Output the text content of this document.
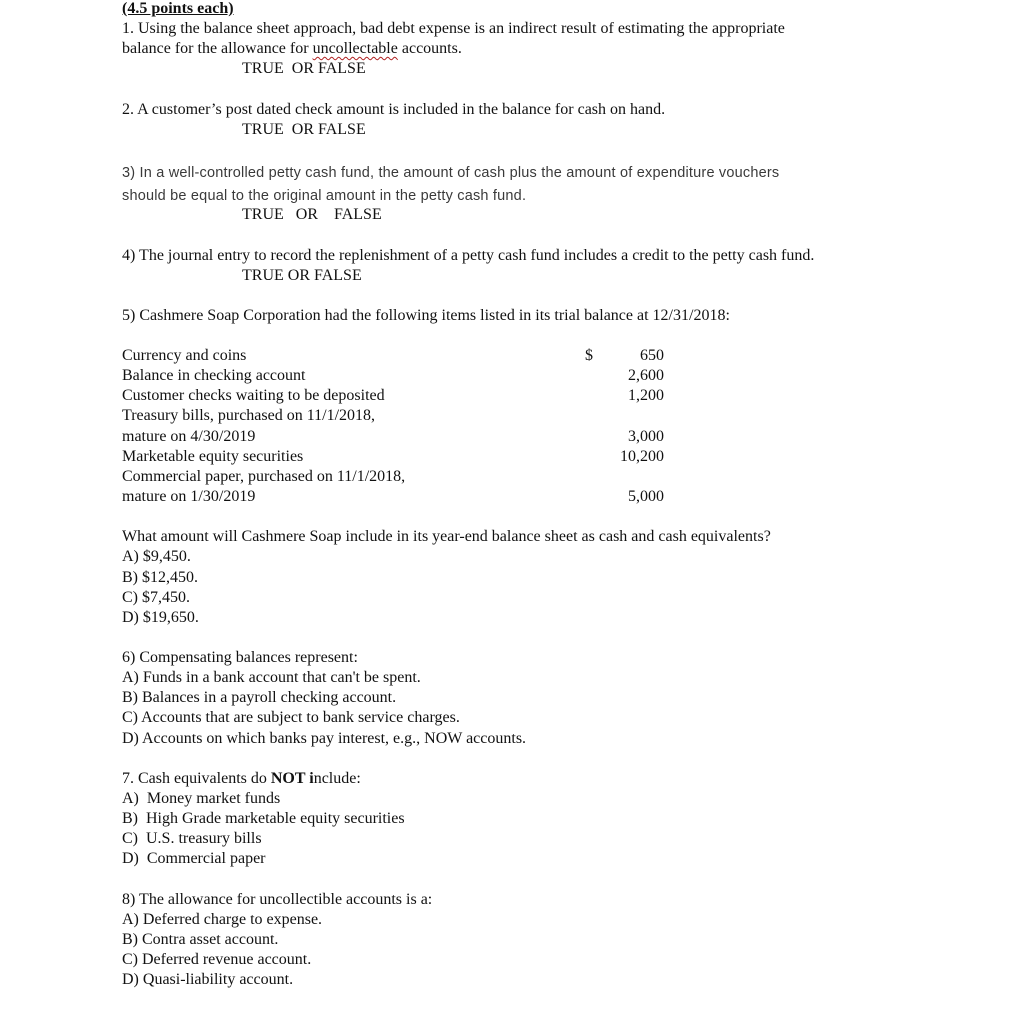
(4.5 points each)
1. Using the balance sheet approach, bad debt expense is an indirect result of estimating the appropriate
balance for the allowance for uncollectable accounts.
TRUE  OR FALSE
2. A customer’s post dated check amount is included in the balance for cash on hand.
TRUE  OR FALSE
3) In a well-controlled petty cash fund, the amount of cash plus the amount of expenditure vouchers
should be equal to the original amount in the petty cash fund.
TRUE   OR    FALSE
4) The journal entry to record the replenishment of a petty cash fund includes a credit to the petty cash fund.
TRUE OR FALSE
5) Cashmere Soap Corporation had the following items listed in its trial balance at 12/31/2018:
Currency and coins	$	650
Balance in checking account	2,600
Customer checks waiting to be deposited	1,200
Treasury bills, purchased on 11/1/2018,
mature on 4/30/2019	3,000
Marketable equity securities	10,200
Commercial paper, purchased on 11/1/2018,
mature on 1/30/2019	5,000
What amount will Cashmere Soap include in its year-end balance sheet as cash and cash equivalents?
A) $9,450.
B) $12,450.
C) $7,450.
D) $19,650.
6) Compensating balances represent:
A) Funds in a bank account that can't be spent.
B) Balances in a payroll checking account.
C) Accounts that are subject to bank service charges.
D) Accounts on which banks pay interest, e.g., NOW accounts.
7. Cash equivalents do NOT include:
A)  Money market funds
B)  High Grade marketable equity securities
C)  U.S. treasury bills
D)  Commercial paper
8) The allowance for uncollectible accounts is a:
A) Deferred charge to expense.
B) Contra asset account.
C) Deferred revenue account.
D) Quasi-liability account.
